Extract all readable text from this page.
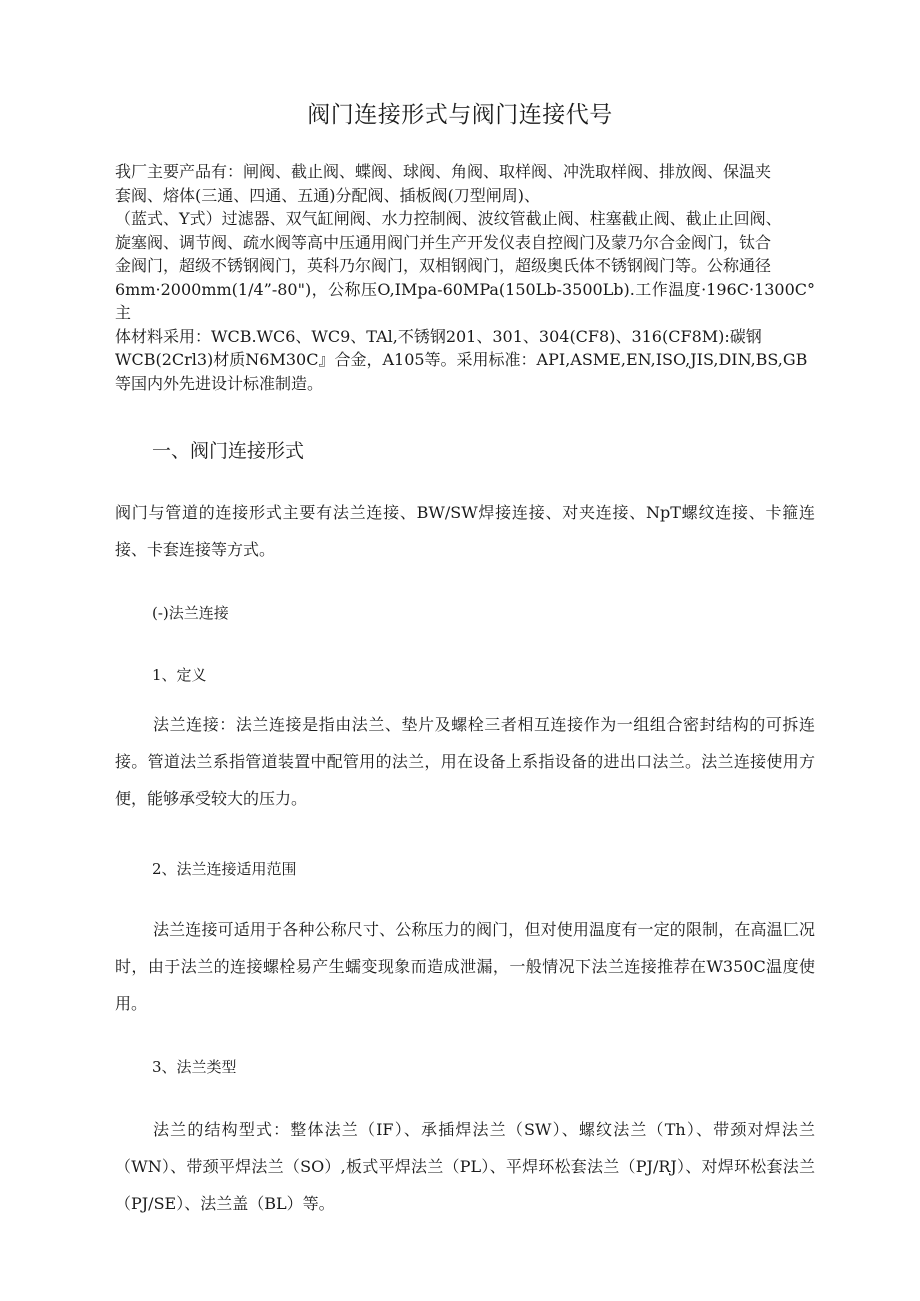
阀门连接形式与阀门连接代号

我厂主要产品有：闸阀、截止阀、蝶阀、球阀、角阀、取样阀、冲洗取样阀、排放阀、保温夹

套阀、熔体(三通、四通、五通)分配阀、插板阀(刀型闸周)、

（蓝式、Y式）过滤器、双气缸闸阀、水力控制阀、波纹管截止阀、柱塞截止阀、截止止回阀、

旋塞阀、调节阀、疏水阀等高中压通用阀门并生产开发仪表自控阀门及蒙乃尔合金阀门，钛合

金阀门，超级不锈钢阀门，英科乃尔阀门，双相钢阀门，超级奥氏体不锈钢阀门等。公称通径

6mm·2000mm(1/4”-80")，公称压O,IMpa-60MPa(150Lb-3500Lb).工作温度·196C·1300C°主

体材料采用：WCB.WC6、WC9、TAl,不锈钢201、301、304(CF8)、316(CF8M):碳钢

WCB(2Crl3)材质N6M30C』合金，A105等。采用标准：API,ASME,EN,ISO,JIS,DIN,BS,GB

等国内外先进设计标准制造。

一、阀门连接形式

阀门与管道的连接形式主要有法兰连接、BW/SW焊接连接、对夹连接、NpT螺纹连接、卡箍连接、卡套连接等方式。

(-)法兰连接

1、定义

法兰连接：法兰连接是指由法兰、垫片及螺栓三者相互连接作为一组组合密封结构的可拆连接。管道法兰系指管道装置中配管用的法兰，用在设备上系指设备的进出口法兰。法兰连接使用方便，能够承受较大的压力。

2、法兰连接适用范围

法兰连接可适用于各种公称尺寸、公称压力的阀门，但对使用温度有一定的限制，在高温匚况时，由于法兰的连接螺栓易产生蠕变现象而造成泄漏，一般情况下法兰连接推荐在W350C温度使用。

3、法兰类型

法兰的结构型式：整体法兰（IF）、承插焊法兰（SW）、螺纹法兰（Th）、带颈对焊法兰（WN）、带颈平焊法兰（SO）,板式平焊法兰（PL）、平焊环松套法兰（PJ/RJ）、对焊环松套法兰（PJ/SE）、法兰盖（BL）等。
